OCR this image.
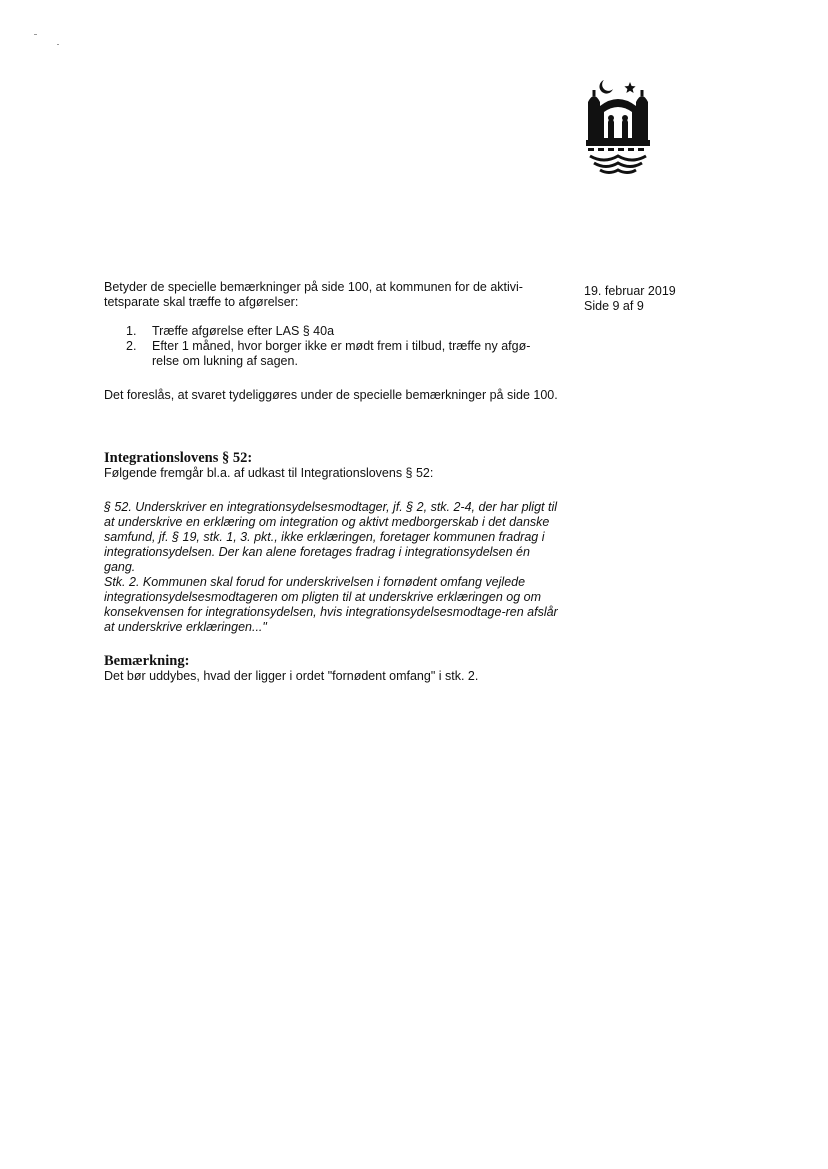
19. februar 2019
Side 9 af 9

Betyder de specielle bemærkninger på side 100, at kommunen for de aktivi-tetsparate skal træffe to afgørelser:

1.	Træffe afgørelse efter LAS § 40a
2.	Efter 1 måned, hvor borger ikke er mødt frem i tilbud, træffe ny afgø-relse om lukning af sagen.

Det foreslås, at svaret tydeliggøres under de specielle bemærkninger på side 100.

Integrationslovens § 52:
Følgende fremgår bl.a. af udkast til Integrationslovens § 52:

§ 52. Underskriver en integrationsydelsesmodtager, jf. § 2, stk. 2-4, der har pligt til at underskrive en erklæring om integration og aktivt medborgerskab i det danske samfund, jf. § 19, stk. 1, 3. pkt., ikke erklæringen, foretager kommunen fradrag i integrationsydelsen. Der kan alene foretages fradrag i integrationsydelsen én gang.

Stk. 2. Kommunen skal forud for underskrivelsen i fornødent omfang vejlede integrationsydelsesmodtageren om pligten til at underskrive erklæringen og om konsekvensen for integrationsydelsen, hvis integrationsydelsesmodtage-ren afslår at underskrive erklæringen..."

Bemærkning:
Det bør uddybes, hvad der ligger i ordet "fornødent omfang" i stk. 2.
